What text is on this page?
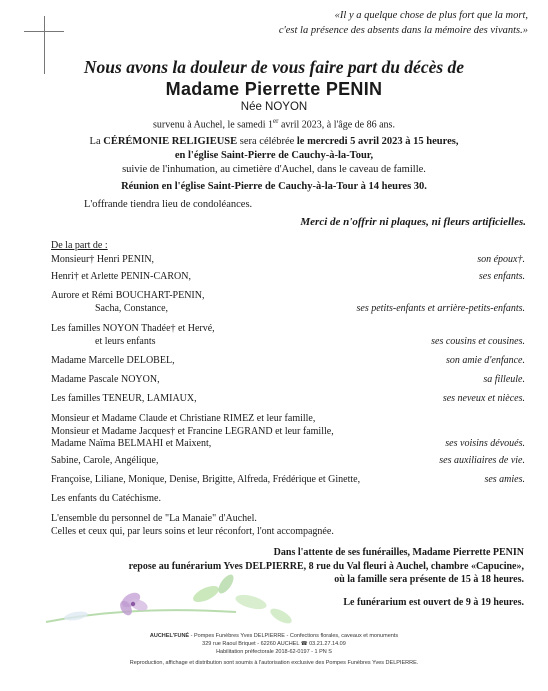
«Il y a quelque chose de plus fort que la mort,
c'est la présence des absents dans la mémoire des vivants.»
Nous avons la douleur de vous faire part du décès de
Madame Pierrette PENIN
Née NOYON
survenu à Auchel, le samedi 1er avril 2023, à l'âge de 86 ans.
La CÉRÉMONIE RELIGIEUSE sera célébrée le mercredi 5 avril 2023 à 15 heures,
en l'église Saint-Pierre de Cauchy-à-la-Tour,
suivie de l'inhumation, au cimetière d'Auchel, dans le caveau de famille.
Réunion en l'église Saint-Pierre de Cauchy-à-la-Tour à 14 heures 30.
L'offrande tiendra lieu de condoléances.
Merci de n'offrir ni plaques, ni fleurs artificielles.
De la part de :
Monsieur† Henri PENIN,	son époux†.
Henri† et Arlette PENIN-CARON,	ses enfants.
Aurore et Rémi BOUCHART-PENIN,
Sacha, Constance,	ses petits-enfants et arrière-petits-enfants.
Les familles NOYON Thadée† et Hervé,
et leurs enfants	ses cousins et cousines.
Madame Marcelle DELOBEL,	son amie d'enfance.
Madame Pascale NOYON,	sa filleule.
Les familles TENEUR, LAMIAUX,	ses neveux et nièces.
Monsieur et Madame Claude et Christiane RIMEZ et leur famille,
Monsieur et Madame Jacques† et Francine LEGRAND et leur famille,
Madame Naïma BELMAHI et Maixent,	ses voisins dévoués.
Sabine, Carole, Angélique,	ses auxiliaires de vie.
Françoise, Liliane, Monique, Denise, Brigitte, Alfreda, Frédérique et Ginette,	ses amies.
Les enfants du Catéchisme.
L'ensemble du personnel de "La Manaie" d'Auchel.
Celles et ceux qui, par leurs soins et leur réconfort, l'ont accompagnée.
Dans l'attente de ses funérailles, Madame Pierrette PENIN
repose au funérarium Yves DELPIERRE, 8 rue du Val fleuri à Auchel, chambre «Capucine»,
où la famille sera présente de 15 à 18 heures.
Le funérarium est ouvert de 9 à 19 heures.
AUCHEL'FUNÉ - Pompes Funèbres Yves DELPIERRE - Confections florales, caveaux et monuments
329 rue Raoul Briquet - 62260 AUCHEL ☎ 03.21.27.14.09
Habilitation préfectorale 2018-62-0197 - 1 PN S
Reproduction, affichage et distribution sont soumis à l'autorisation exclusive des Pompes Funèbres Yves DELPIERRE.
